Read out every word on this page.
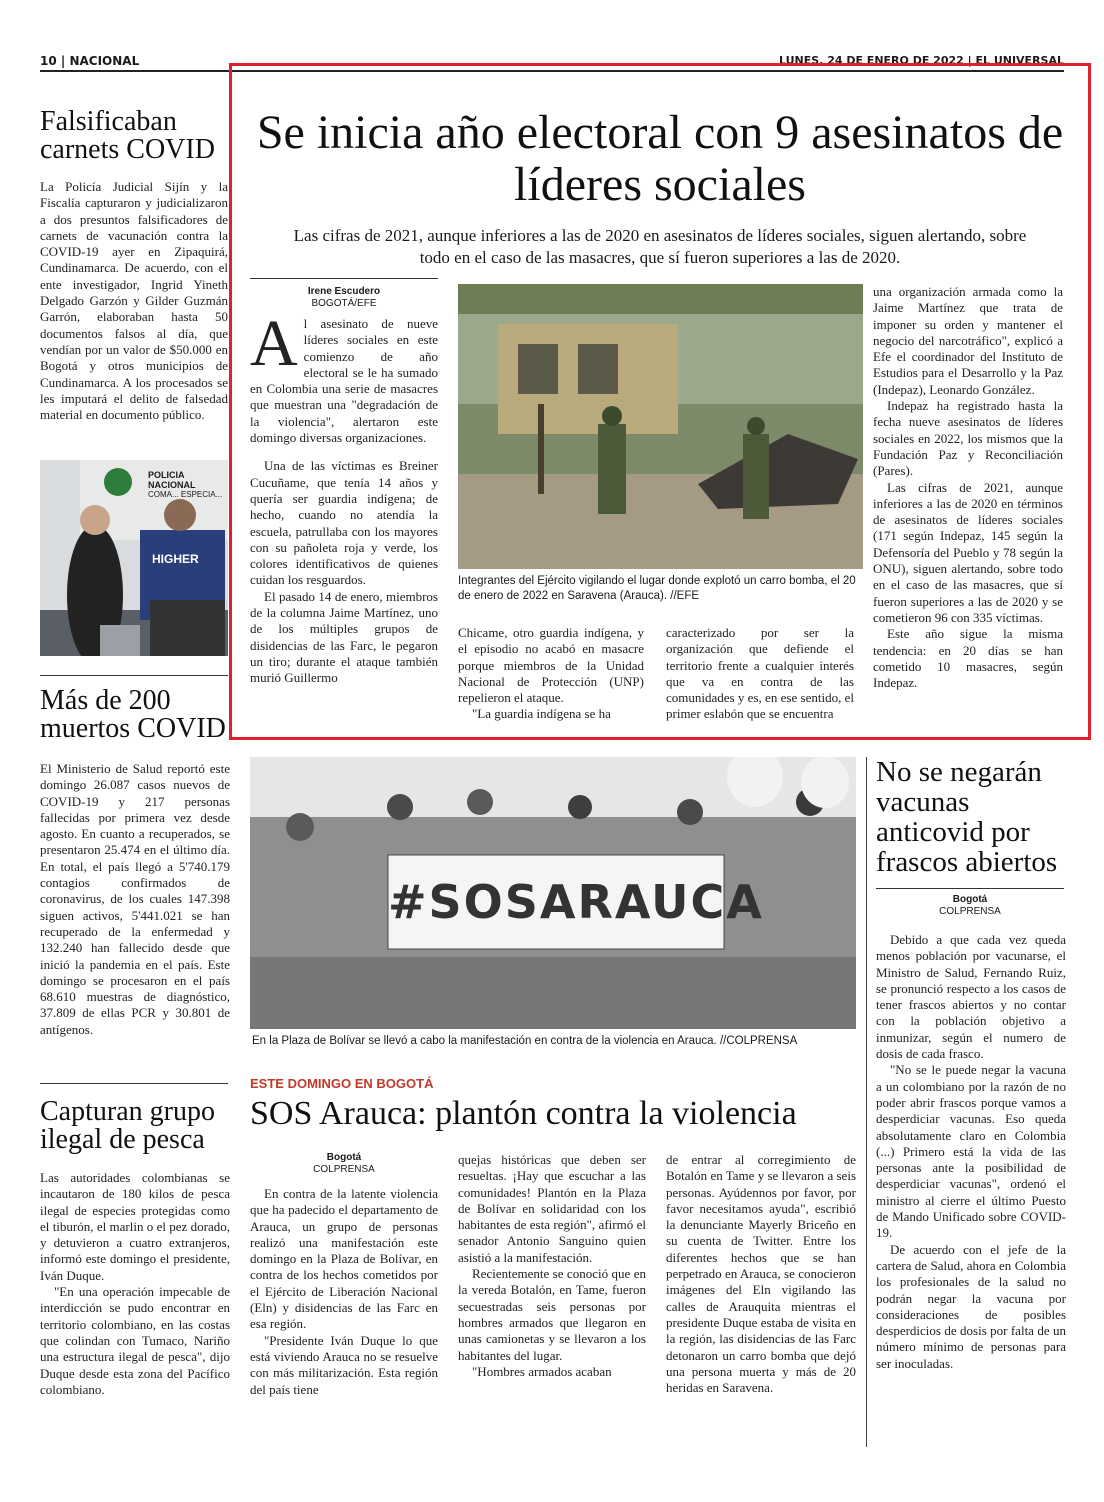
10 | NACIONAL	LUNES, 24 DE ENERO DE 2022 | EL UNIVERSAL
Falsificaban carnets COVID

La Policía Judicial Sijín y la Fiscalía capturaron y judicializaron a dos presuntos falsificadores de carnets de vacunación contra la COVID-19 ayer en Zipaquirá, Cundinamarca. De acuerdo, con el ente investigador, Ingrid Yineth Delgado Garzón y Gilder Guzmán Garrón, elaboraban hasta 50 documentos falsos al día, que vendían por un valor de $50.000 en Bogotá y otros municipios de Cundinamarca. A los procesados se les imputará el delito de falsedad material en documento público.

POLICIA NACIONAL
COMA... ESPECIA...
HIGHER
Más de 200 muertos COVID

El Ministerio de Salud reportó este domingo 26.087 casos nuevos de COVID-19 y 217 personas fallecidas por primera vez desde agosto. En cuanto a recuperados, se presentaron 25.474 en el último día. En total, el país llegó a 5'740.179 contagios confirmados de coronavirus, de los cuales 147.398 siguen activos, 5'441.021 se han recuperado de la enfermedad y 132.240 han fallecido desde que inició la pandemia en el país. Este domingo se procesaron en el país 68.610 muestras de diagnóstico, 37.809 de ellas PCR y 30.801 de antígenos.

Capturan grupo ilegal de pesca

Las autoridades colombianas se incautaron de 180 kilos de pesca ilegal de especies protegidas como el tiburón, el marlin o el pez dorado, y detuvieron a cuatro extranjeros, informó este domingo el presidente, Iván Duque.

"En una operación impecable de interdicción se pudo encontrar en territorio colombiano, en las costas que colindan con Tumaco, Nariño una estructura ilegal de pesca", dijo Duque desde esta zona del Pacífico colombiano.

Se inicia año electoral con 9 asesinatos de líderes sociales
Las cifras de 2021, aunque inferiores a las de 2020 en asesinatos de líderes sociales, siguen alertando, sobre todo en el caso de las masacres, que sí fueron superiores a las de 2020.
Irene Escudero
BOGOTÁ/EFE

Al asesinato de nueve líderes sociales en este comienzo de año electoral se le ha sumado en Colombia una serie de masacres que muestran una "degradación de la violencia", alertaron este domingo diversas organizaciones.

Una de las víctimas es Breiner Cucuñame, que tenía 14 años y quería ser guardia indígena; de hecho, cuando no atendía la escuela, patrullaba con los mayores con su pañoleta roja y verde, los colores identificativos de quienes cuidan los resguardos.

El pasado 14 de enero, miembros de la columna Jaime Martínez, uno de los múltiples grupos de disidencias de las Farc, le pegaron un tiro; durante el ataque también murió Guillermo

Integrantes del Ejército vigilando el lugar donde explotó un carro bomba, el 20 de enero de 2022 en Saravena (Arauca). //EFE

Chicame, otro guardia indígena, y el episodio no acabó en masacre porque miembros de la Unidad Nacional de Protección (UNP) repelieron el ataque.

"La guardia indígena se ha

caracterizado por ser la organización que defiende el territorio frente a cualquier interés que va en contra de las comunidades y es, en ese sentido, el primer eslabón que se encuentra

una organización armada como la Jaime Martínez que trata de imponer su orden y mantener el negocio del narcotráfico", explicó a Efe el coordinador del Instituto de Estudios para el Desarrollo y la Paz (Indepaz), Leonardo González.

Indepaz ha registrado hasta la fecha nueve asesinatos de líderes sociales en 2022, los mismos que la Fundación Paz y Reconciliación (Pares).

Las cifras de 2021, aunque inferiores a las de 2020 en términos de asesinatos de líderes sociales (171 según Indepaz, 145 según la Defensoría del Pueblo y 78 según la ONU), siguen alertando, sobre todo en el caso de las masacres, que sí fueron superiores a las de 2020 y se cometieron 96 con 335 víctimas.

Este año sigue la misma tendencia: en 20 días se han cometido 10 masacres, según Indepaz.

#SOSARAUCA
En la Plaza de Bolívar se llevó a cabo la manifestación en contra de la violencia en Arauca. //COLPRENSA
ESTE DOMINGO EN BOGOTÁ
SOS Arauca: plantón contra la violencia
Bogotá
COLPRENSA

En contra de la latente violencia que ha padecido el departamento de Arauca, un grupo de personas realizó una manifestación este domingo en la Plaza de Bolívar, en contra de los hechos cometidos por el Ejército de Liberación Nacional (Eln) y disidencias de las Farc en esa región.

"Presidente Iván Duque lo que está viviendo Arauca no se resuelve con más militarización. Esta región del país tiene

quejas históricas que deben ser resueltas. ¡Hay que escuchar a las comunidades! Plantón en la Plaza de Bolívar en solidaridad con los habitantes de esta región", afirmó el senador Antonio Sanguino quien asistió a la manifestación.

Recientemente se conoció que en la vereda Botalón, en Tame, fueron secuestradas seis personas por hombres armados que llegaron en unas camionetas y se llevaron a los habitantes del lugar.

"Hombres armados acaban

de entrar al corregimiento de Botalón en Tame y se llevaron a seis personas. Ayúdennos por favor, por favor necesitamos ayuda", escribió la denunciante Mayerly Briceño en su cuenta de Twitter. Entre los diferentes hechos que se han perpetrado en Arauca, se conocieron imágenes del Eln vigilando las calles de Arauquita mientras el presidente Duque estaba de visita en la región, las disidencias de las Farc detonaron un carro bomba que dejó una persona muerta y más de 20 heridas en Saravena.

No se negarán vacunas anticovid por frascos abiertos
Bogotá
COLPRENSA

Debido a que cada vez queda menos población por vacunarse, el Ministro de Salud, Fernando Ruiz, se pronunció respecto a los casos de tener frascos abiertos y no contar con la población objetivo a inmunizar, según el numero de dosis de cada frasco.

"No se le puede negar la vacuna a un colombiano por la razón de no poder abrir frascos porque vamos a desperdiciar vacunas. Eso queda absolutamente claro en Colombia (...) Primero está la vida de las personas ante la posibilidad de desperdiciar vacunas", ordenó el ministro al cierre el último Puesto de Mando Unificado sobre COVID-19.

De acuerdo con el jefe de la cartera de Salud, ahora en Colombia los profesionales de la salud no podrán negar la vacuna por consideraciones de posibles desperdicios de dosis por falta de un número mínimo de personas para ser inoculadas.
